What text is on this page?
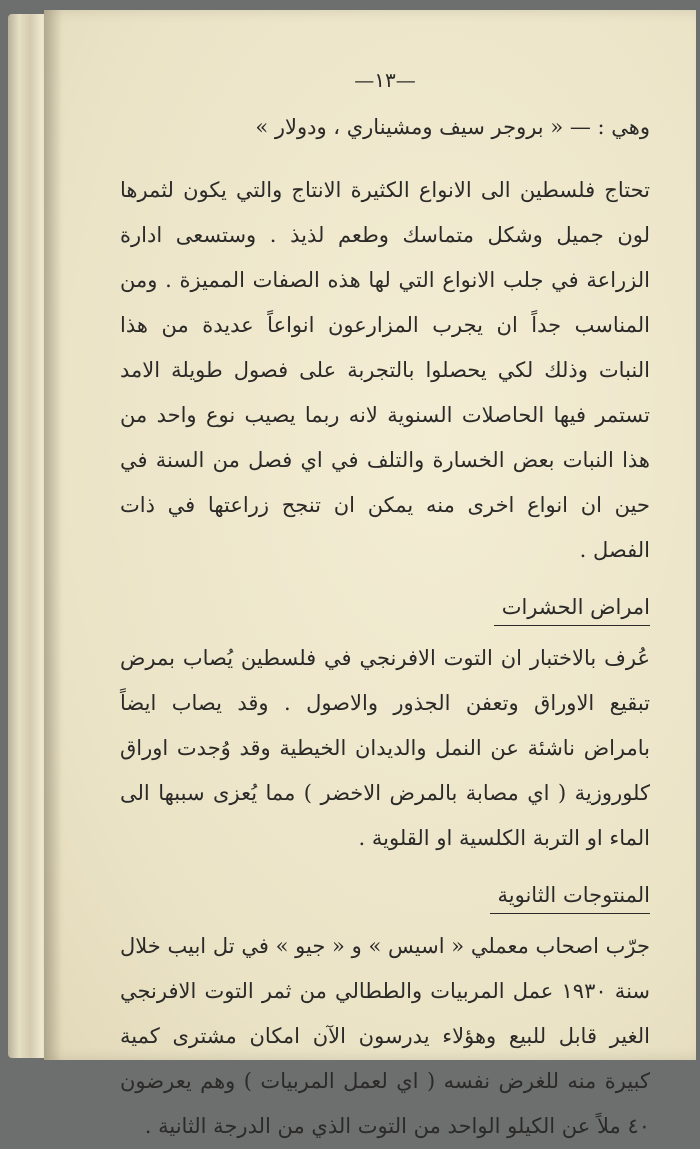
—١٣—

وهي : — « بروجر سيف ومشيناري ، ودولار »

تحتاج فلسطين الى الانواع الكثيرة الانتاج والتي يكون لثمرها لون جميل وشكل متماسك وطعم لذيذ . وستسعى ادارة الزراعة في جلب الانواع التي لها هذه الصفات المميزة . ومن المناسب جداً ان يجرب المزارعون انواعاً عديدة من هذا النبات وذلك لكي يحصلوا بالتجربة على فصول طويلة الامد تستمر فيها الحاصلات السنوية لانه ربما يصيب نوع واحد من هذا النبات بعض الخسارة والتلف في اي فصل من السنة في حين ان انواع اخرى منه يمكن ان تنجح زراعتها في ذات الفصل .

امراض الحشرات

عُرف بالاختبار ان التوت الافرنجي في فلسطين يُصاب بمرض تبقيع الاوراق وتعفن الجذور والاصول . وقد يصاب ايضاً بامراض ناشئة عن النمل والديدان الخيطية وقد وُجدت اوراق كلوروزية ( اي مصابة بالمرض الاخضر ) مما يُعزى سببها الى الماء او التربة الكلسية او القلوية .

المنتوجات الثانوية

جرّب اصحاب معملي « اسيس » و « جيو » في تل ابيب خلال سنة ١٩٣٠ عمل المربيات والططالي من ثمر التوت الافرنجي الغير قابل للبيع وهؤلاء يدرسون الآن امكان مشترى كمية كبيرة منه للغرض نفسه ( اي لعمل المربيات ) وهم يعرضون ٤٠ ملاً عن الكيلو الواحد من التوت الذي من الدرجة الثانية .
